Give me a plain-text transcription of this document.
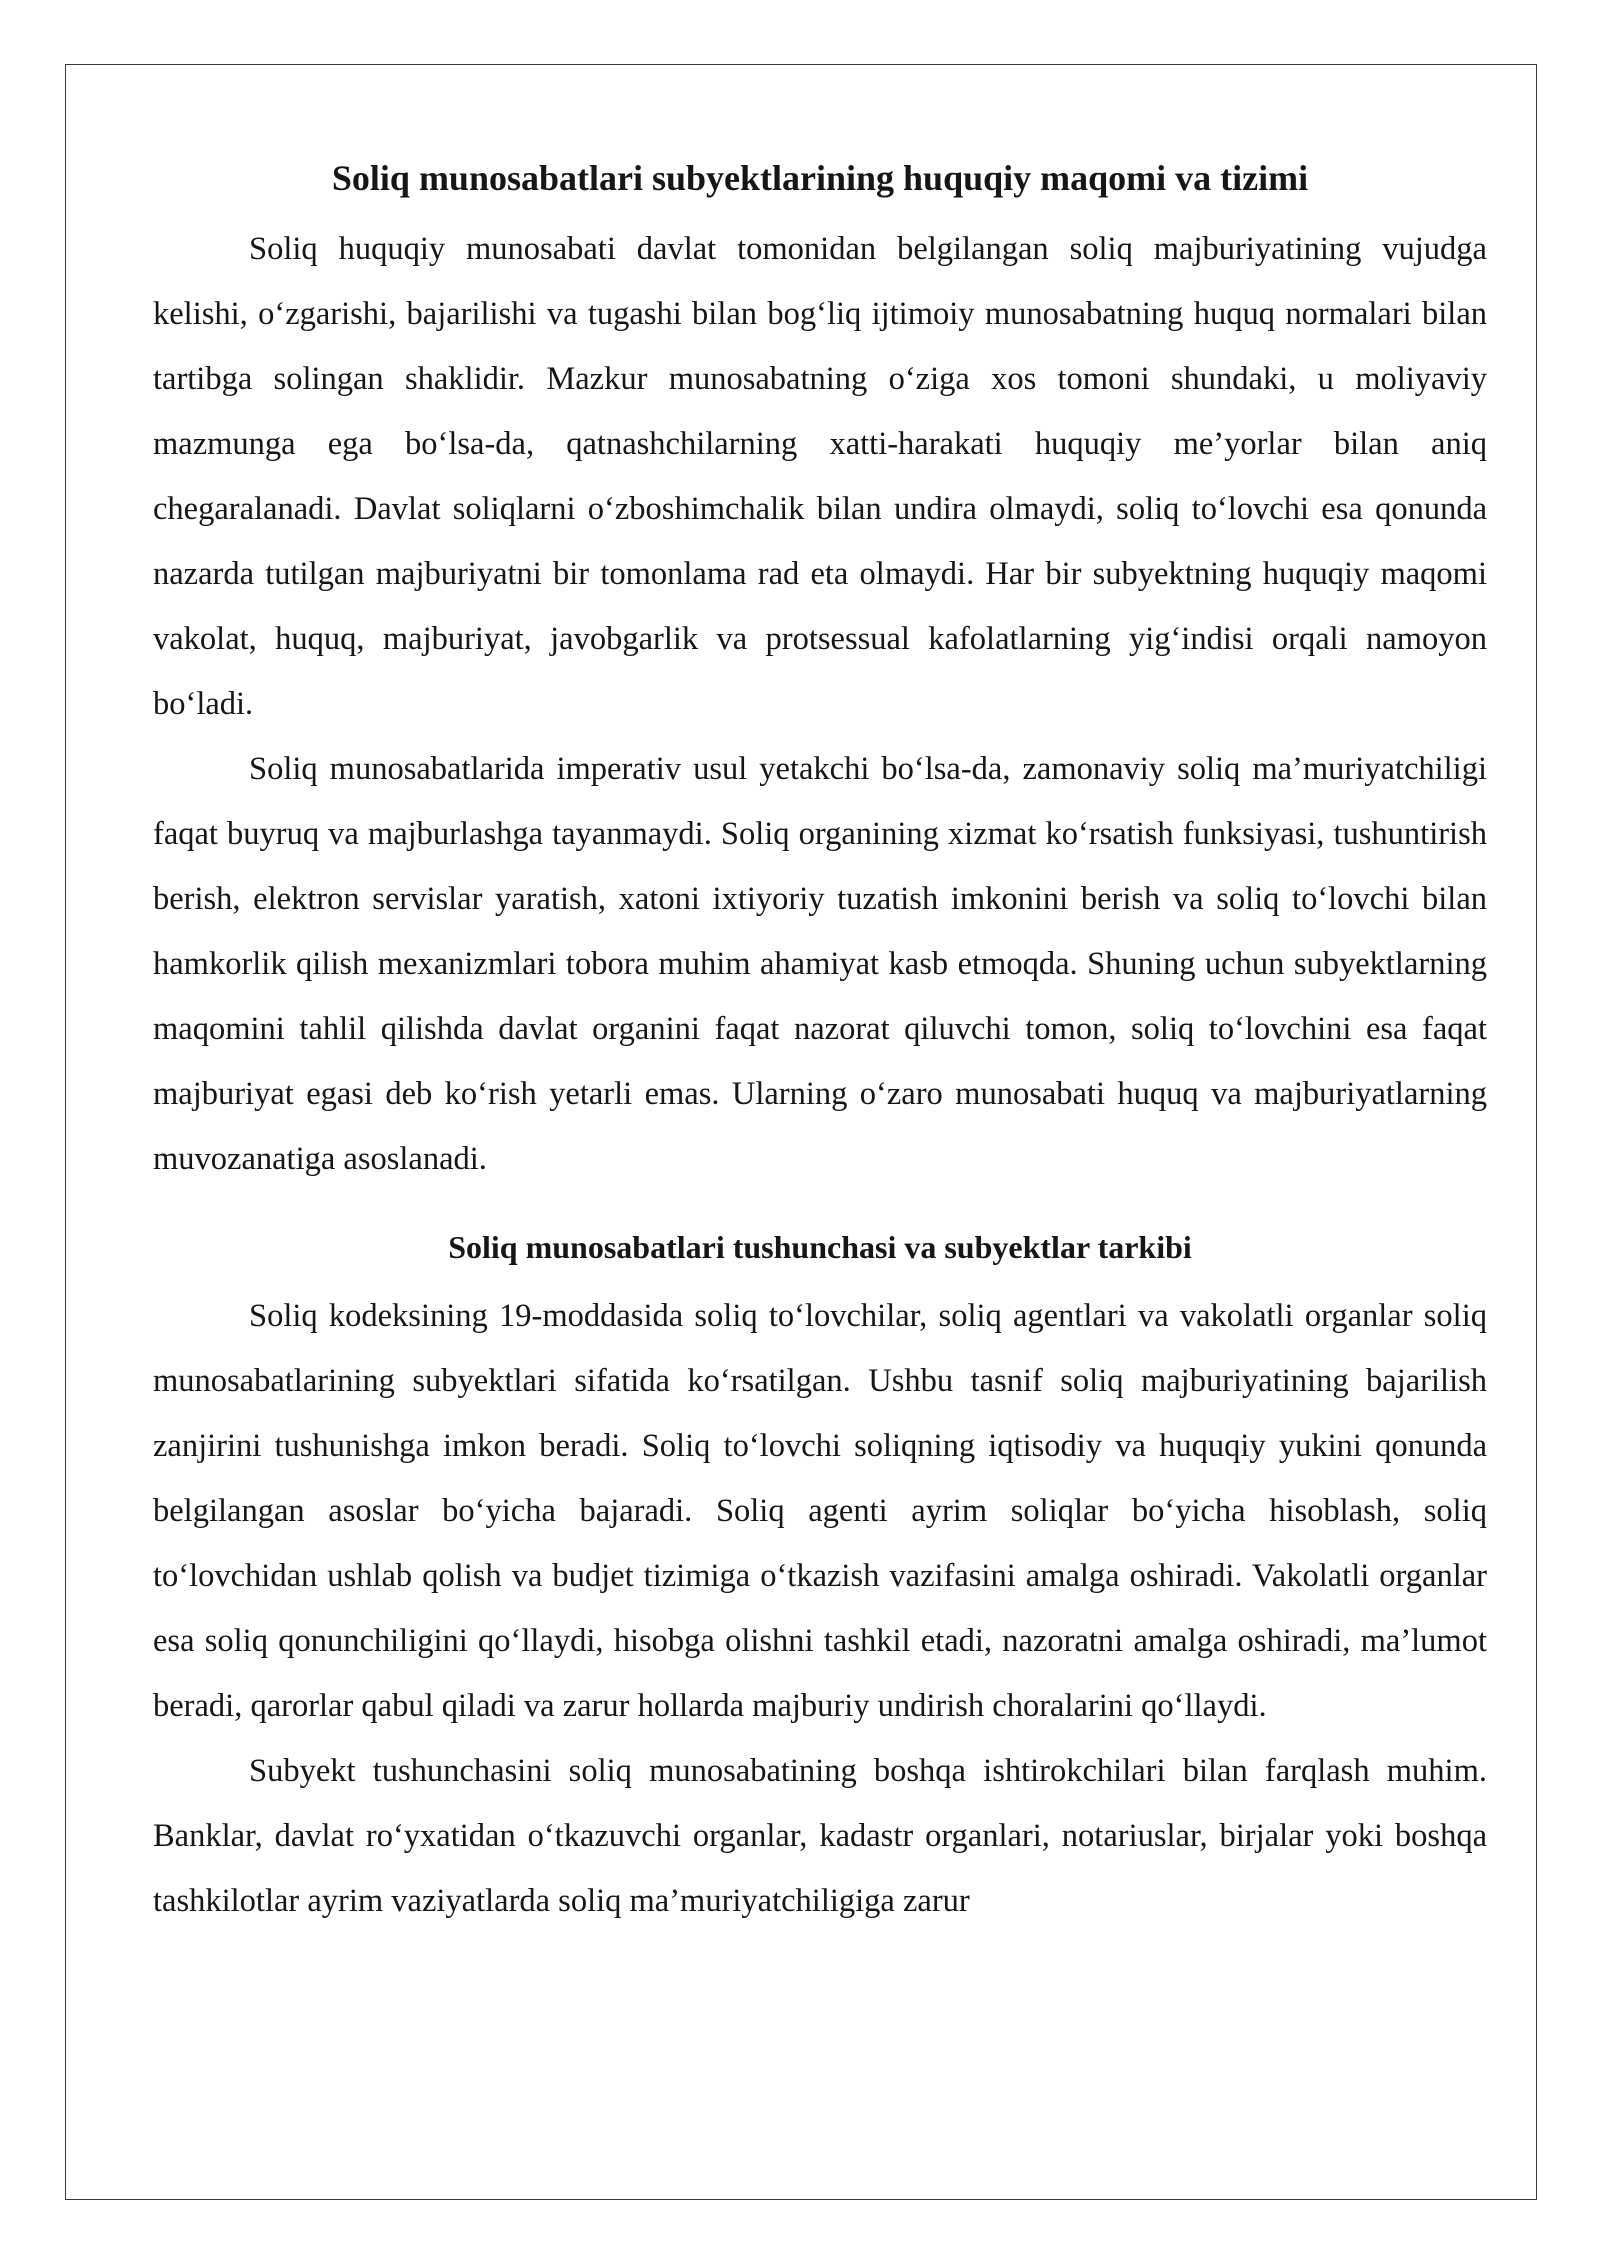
Soliq munosabatlari subyektlarining huquqiy maqomi va tizimi

Soliq huquqiy munosabati davlat tomonidan belgilangan soliq majburiyatining vujudga kelishi, o‘zgarishi, bajarilishi va tugashi bilan bog‘liq ijtimoiy munosabatning huquq normalari bilan tartibga solingan shaklidir. Mazkur munosabatning o‘ziga xos tomoni shundaki, u moliyaviy mazmunga ega bo‘lsa-da, qatnashchilarning xatti-harakati huquqiy me’yorlar bilan aniq chegaralanadi. Davlat soliqlarni o‘zboshimchalik bilan undira olmaydi, soliq to‘lovchi esa qonunda nazarda tutilgan majburiyatni bir tomonlama rad eta olmaydi. Har bir subyektning huquqiy maqomi vakolat, huquq, majburiyat, javobgarlik va protsessual kafolatlarning yig‘indisi orqali namoyon bo‘ladi.

Soliq munosabatlarida imperativ usul yetakchi bo‘lsa-da, zamonaviy soliq ma’muriyatchiligi faqat buyruq va majburlashga tayanmaydi. Soliq organining xizmat ko‘rsatish funksiyasi, tushuntirish berish, elektron servislar yaratish, xatoni ixtiyoriy tuzatish imkonini berish va soliq to‘lovchi bilan hamkorlik qilish mexanizmlari tobora muhim ahamiyat kasb etmoqda. Shuning uchun subyektlarning maqomini tahlil qilishda davlat organini faqat nazorat qiluvchi tomon, soliq to‘lovchini esa faqat majburiyat egasi deb ko‘rish yetarli emas. Ularning o‘zaro munosabati huquq va majburiyatlarning muvozanatiga asoslanadi.

Soliq munosabatlari tushunchasi va subyektlar tarkibi

Soliq kodeksining 19-moddasida soliq to‘lovchilar, soliq agentlari va vakolatli organlar soliq munosabatlarining subyektlari sifatida ko‘rsatilgan. Ushbu tasnif soliq majburiyatining bajarilish zanjirini tushunishga imkon beradi. Soliq to‘lovchi soliqning iqtisodiy va huquqiy yukini qonunda belgilangan asoslar bo‘yicha bajaradi. Soliq agenti ayrim soliqlar bo‘yicha hisoblash, soliq to‘lovchidan ushlab qolish va budjet tizimiga o‘tkazish vazifasini amalga oshiradi. Vakolatli organlar esa soliq qonunchiligini qo‘llaydi, hisobga olishni tashkil etadi, nazoratni amalga oshiradi, ma’lumot beradi, qarorlar qabul qiladi va zarur hollarda majburiy undirish choralarini qo‘llaydi.

Subyekt tushunchasini soliq munosabatining boshqa ishtirokchilari bilan farqlash muhim. Banklar, davlat ro‘yxatidan o‘tkazuvchi organlar, kadastr organlari, notariuslar, birjalar yoki boshqa tashkilotlar ayrim vaziyatlarda soliq ma’muriyatchiligiga zarur
